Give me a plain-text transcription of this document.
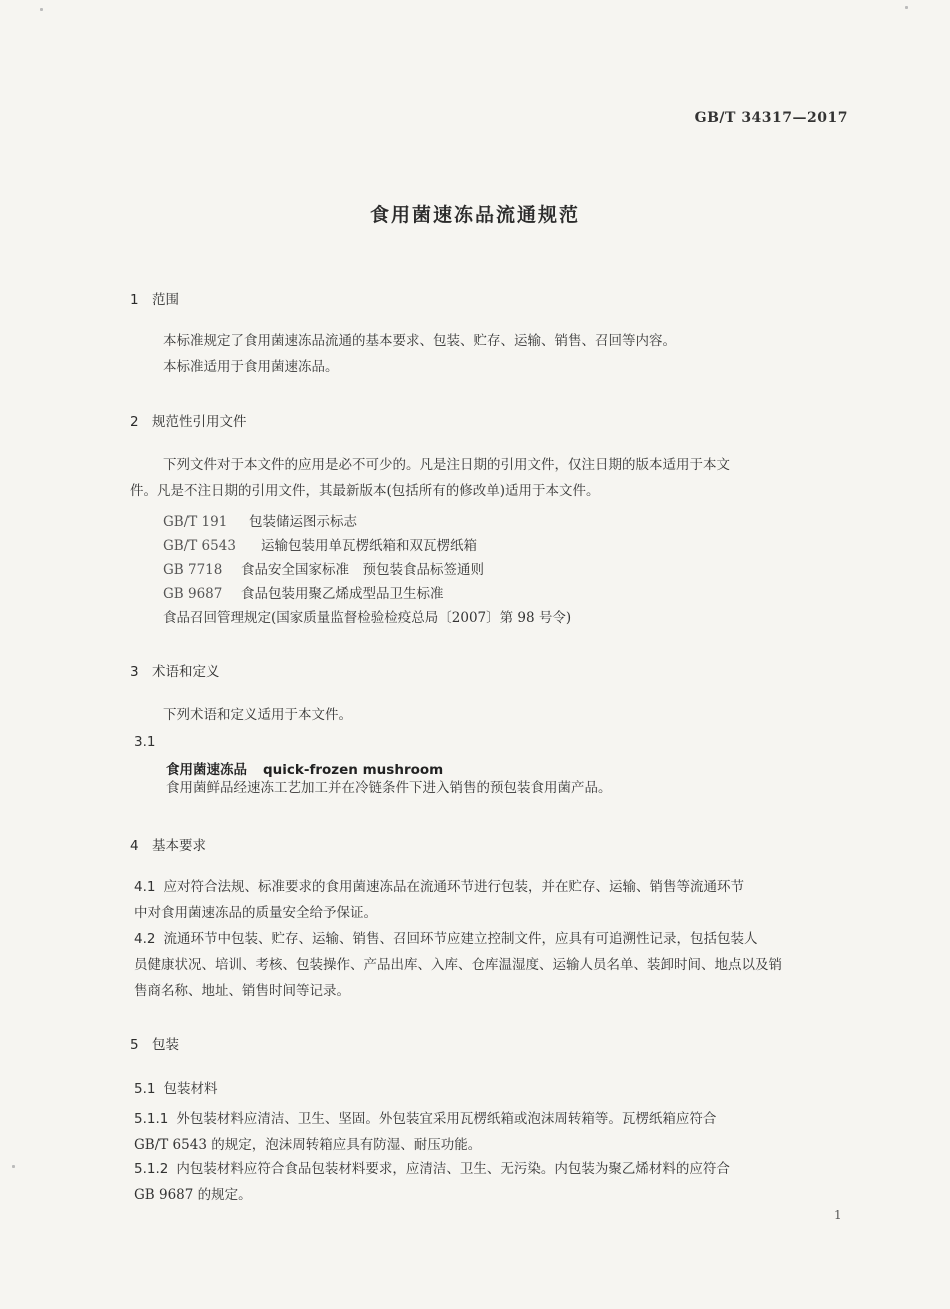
GB/T 34317—2017
食用菌速冻品流通规范
1 范围
本标准规定了食用菌速冻品流通的基本要求、包装、贮存、运输、销售、召回等内容。
本标准适用于食用菌速冻品。
2 规范性引用文件
下列文件对于本文件的应用是必不可少的。凡是注日期的引用文件，仅注日期的版本适用于本文
件。凡是不注日期的引用文件，其最新版本(包括所有的修改单)适用于本文件。
GB/T 191 包装储运图示标志
GB/T 6543 运输包装用单瓦楞纸箱和双瓦楞纸箱
GB 7718 食品安全国家标准　预包装食品标签通则
GB 9687 食品包装用聚乙烯成型品卫生标准
食品召回管理规定(国家质量监督检验检疫总局〔2007〕第 98 号令)
3 术语和定义
下列术语和定义适用于本文件。
3.1
食用菌速冻品 quick-frozen mushroom
食用菌鲜品经速冻工艺加工并在冷链条件下进入销售的预包装食用菌产品。
4 基本要求
4.1 应对符合法规、标准要求的食用菌速冻品在流通环节进行包装，并在贮存、运输、销售等流通环节
中对食用菌速冻品的质量安全给予保证。
4.2 流通环节中包装、贮存、运输、销售、召回环节应建立控制文件，应具有可追溯性记录，包括包装人
员健康状况、培训、考核、包装操作、产品出库、入库、仓库温湿度、运输人员名单、装卸时间、地点以及销
售商名称、地址、销售时间等记录。
5 包装
5.1 包装材料
5.1.1 外包装材料应清洁、卫生、坚固。外包装宜采用瓦楞纸箱或泡沫周转箱等。瓦楞纸箱应符合
GB/T 6543 的规定，泡沫周转箱应具有防湿、耐压功能。
5.1.2 内包装材料应符合食品包装材料要求，应清洁、卫生、无污染。内包装为聚乙烯材料的应符合
GB 9687 的规定。
1
